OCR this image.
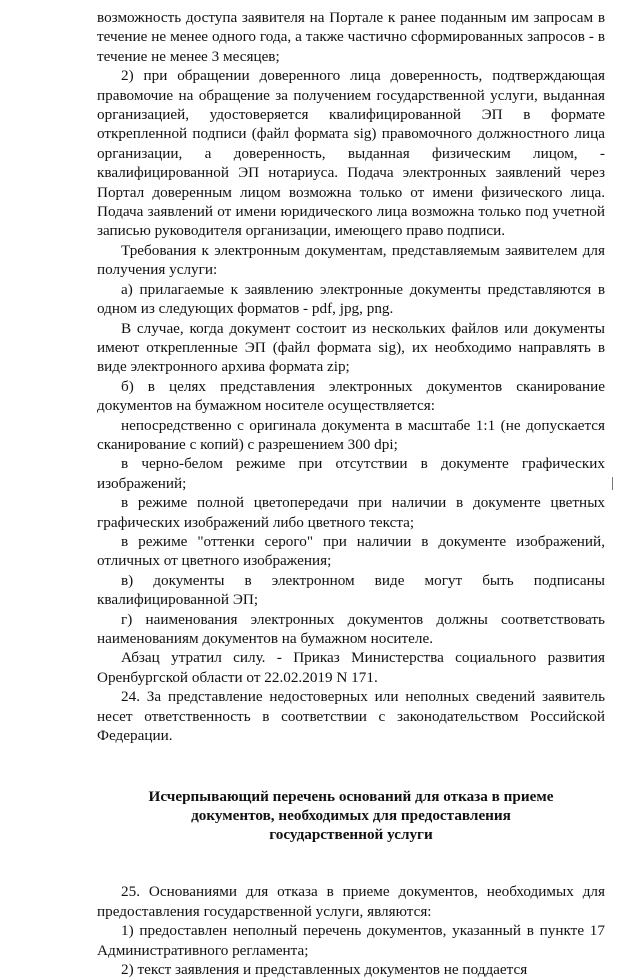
возможность доступа заявителя на Портале к ранее поданным им запросам в течение не менее одного года, а также частично сформированных запросов - в течение не менее 3 месяцев;

2) при обращении доверенного лица доверенность, подтверждающая правомочие на обращение за получением государственной услуги, выданная организацией, удостоверяется квалифицированной ЭП в формате открепленной подписи (файл формата sig) правомочного должностного лица организации, а доверенность, выданная физическим лицом, - квалифицированной ЭП нотариуса. Подача электронных заявлений через Портал доверенным лицом возможна только от имени физического лица. Подача заявлений от имени юридического лица возможна только под учетной записью руководителя организации, имеющего право подписи.

Требования к электронным документам, представляемым заявителем для получения услуги:

а) прилагаемые к заявлению электронные документы представляются в одном из следующих форматов - pdf, jpg, png.

В случае, когда документ состоит из нескольких файлов или документы имеют открепленные ЭП (файл формата sig), их необходимо направлять в виде электронного архива формата zip;

б) в целях представления электронных документов сканирование документов на бумажном носителе осуществляется:

непосредственно с оригинала документа в масштабе 1:1 (не допускается сканирование с копий) с разрешением 300 dpi;

в черно-белом режиме при отсутствии в документе графических изображений;

в режиме полной цветопередачи при наличии в документе цветных графических изображений либо цветного текста;

в режиме "оттенки серого" при наличии в документе изображений, отличных от цветного изображения;

в) документы в электронном виде могут быть подписаны квалифицированной ЭП;

г) наименования электронных документов должны соответствовать наименованиям документов на бумажном носителе.

Абзац утратил силу. - Приказ Министерства социального развития Оренбургской области от 22.02.2019 N 171.

24. За представление недостоверных или неполных сведений заявитель несет ответственность в соответствии с законодательством Российской Федерации.

Исчерпывающий перечень оснований для отказа в приеме
документов, необходимых для предоставления
государственной услуги

25. Основаниями для отказа в приеме документов, необходимых для предоставления государственной услуги, являются:

1) предоставлен неполный перечень документов, указанный в пункте 17 Административного регламента;

2) текст заявления и представленных документов не поддается
